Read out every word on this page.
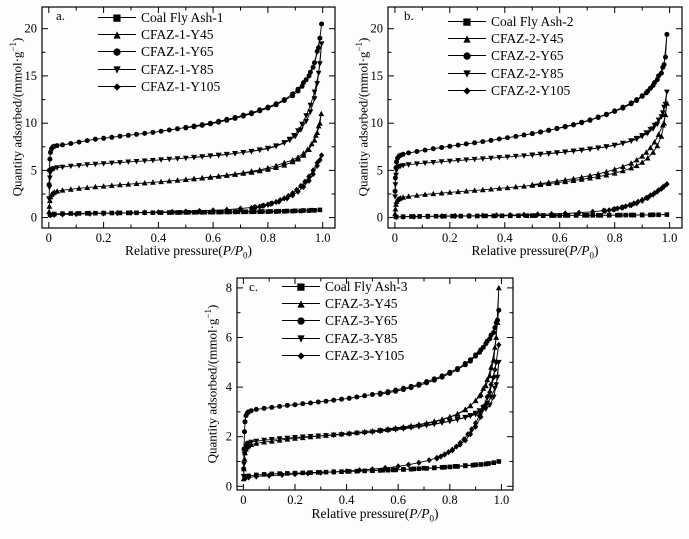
0	0.2	0.4	0.6	0.8	1.0
0
5
10
15
20
a.
Quantity adsorbed/$(mmol\cdot g^{-1})$
Relative $pressure(P/P_0)$
■ Coal Fly Ash-1
▲ CFAZ-1-Y45
● CFAZ-1-Y65
▼ CFAZ-1-Y85
◆ CFAZ-1-Y105
0	0.2	0.4	0.6	0.8	1.0
0
5
10
15
20
b.
Quantity adsorbed/$(mmol\cdot g^{-1})$
Relative $pressure(P/P_0)$
■ Coal Fly Ash-2
▲ CFAZ-2-Y45
● CFAZ-2-Y65
▼ CFAZ-2-Y85
◆ CFAZ-2-Y105
0	0.2	0.4	0.6	0.8	1.0
0
2
4
6
8 c.
Quantity adsorbed/$(mmol\cdot g^{-1})$
Relative $pressure(P/P_0)$
■ Coal Fly Ash-3
▲ CFAZ-3-Y45
● CFAZ-3-Y65
▼ CFAZ-3-Y85
◆ CFAZ-3-Y105
